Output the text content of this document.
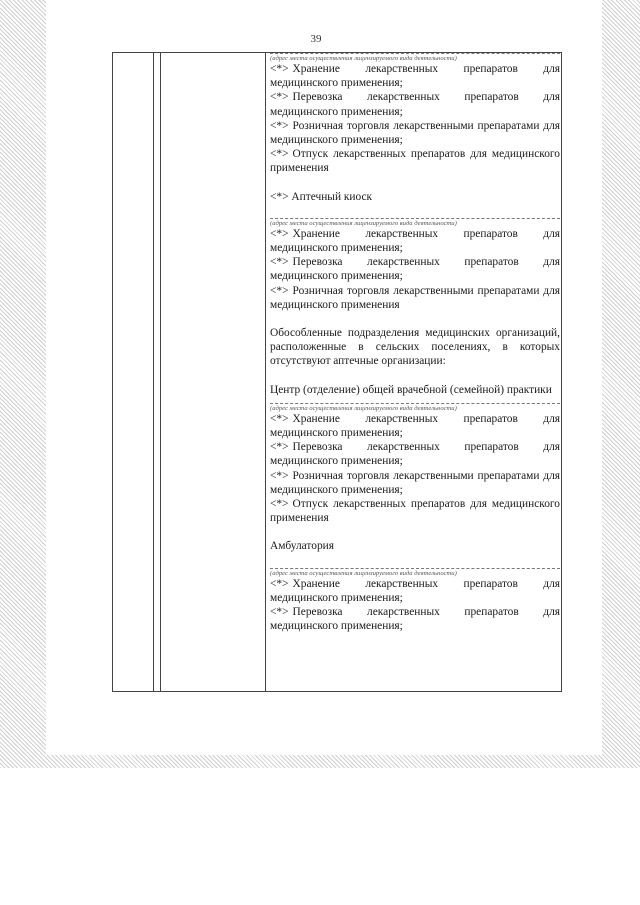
39
(адрес места осуществления лицензируемого вида деятельности)
<*> Хранение лекарственных препаратов для медицинского применения;
<*> Перевозка лекарственных препаратов для медицинского применения;
<*> Розничная торговля лекарственными препаратами для медицинского применения;
<*> Отпуск лекарственных препаратов для медицинского применения
<*> Аптечный киоск
(адрес места осуществления лицензируемого вида деятельности)
<*> Хранение лекарственных препаратов для медицинского применения;
<*> Перевозка лекарственных препаратов для медицинского применения;
<*> Розничная торговля лекарственными препаратами для медицинского применения
Обособленные подразделения медицинских организаций, расположенные в сельских поселениях, в которых отсутствуют аптечные организации:
Центр (отделение) общей врачебной (семейной) практики
(адрес места осуществления лицензируемого вида деятельности)
<*> Хранение лекарственных препаратов для медицинского применения;
<*> Перевозка лекарственных препаратов для медицинского применения;
<*> Розничная торговля лекарственными препаратами для медицинского применения;
<*> Отпуск лекарственных препаратов для медицинского применения
Амбулатория
(адрес места осуществления лицензируемого вида деятельности)
<*> Хранение лекарственных препаратов для медицинского применения;
<*> Перевозка лекарственных препаратов для медицинского применения;
